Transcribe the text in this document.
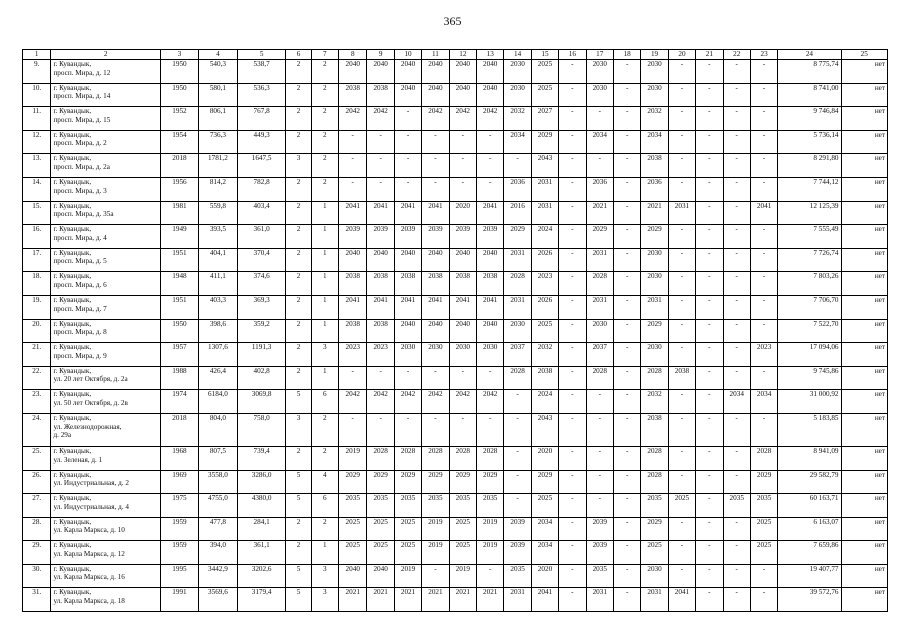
365
1	2	3	4	5	6	7	8	9	10	11	12	13	14	15	16	17	18	19	20	21	22	23	24	25
9.	г. Кувандык,
просп. Мира, д. 12	1950	540,3	538,7	2	2	2040	2040	2040	2040	2040	2040	2030	2025	-	2030	-	2030	-	-	-	-	8 775,74	нет
10.	г. Кувандык,
просп. Мира, д. 14	1950	580,1	536,3	2	2	2038	2038	2040	2040	2040	2040	2030	2025	-	2030	-	2030	-	-	-	-	8 741,00	нет
11.	г. Кувандык,
просп. Мира, д. 15	1952	806,1	767,8	2	2	2042	2042	-	2042	2042	2042	2032	2027	-	-	-	2032	-	-	-	-	9 746,84	нет
12.	г. Кувандык,
просп. Мира, д. 2	1954	736,3	449,3	2	2	-	-	-	-	-	-	2034	2029	-	2034	-	2034	-	-	-	-	5 736,14	нет
13.	г. Кувандык,
просп. Мира, д. 2а	2018	1781,2	1647,5	3	2	-	-	-	-	-	-	-	2043	-	-	-	2038	-	-	-	-	8 291,80	нет
14.	г. Кувандык,
просп. Мира, д. 3	1956	814,2	782,8	2	2	-	-	-	-	-	-	2036	2031	-	2036	-	2036	-	-	-	-	7 744,12	нет
15.	г. Кувандык,
просп. Мира, д. 35а	1981	559,8	403,4	2	1	2041	2041	2041	2041	2020	2041	2016	2031	-	2021	-	2021	2031	-	-	2041	12 125,39	нет
16.	г. Кувандык,
просп. Мира, д. 4	1949	393,5	361,0	2	1	2039	2039	2039	2039	2039	2039	2029	2024	-	2029	-	2029	-	-	-	-	7 555,49	нет
17.	г. Кувандык,
просп. Мира, д. 5	1951	404,1	370,4	2	1	2040	2040	2040	2040	2040	2040	2031	2026	-	2031	-	2030	-	-	-	-	7 726,74	нет
18.	г. Кувандык,
просп. Мира, д. 6	1948	411,1	374,6	2	1	2038	2038	2038	2038	2038	2038	2028	2023	-	2028	-	2030	-	-	-	-	7 803,26	нет
19.	г. Кувандык,
просп. Мира, д. 7	1951	403,3	369,3	2	1	2041	2041	2041	2041	2041	2041	2031	2026	-	2031	-	2031	-	-	-	-	7 706,70	нет
20.	г. Кувандык,
просп. Мира, д. 8	1950	398,6	359,2	2	1	2038	2038	2040	2040	2040	2040	2030	2025	-	2030	-	2029	-	-	-	-	7 522,70	нет
21.	г. Кувандык,
просп. Мира, д. 9	1957	1307,6	1191,3	2	3	2023	2023	2030	2030	2030	2030	2037	2032	-	2037	-	2030	-	-	-	2023	17 094,06	нет
22.	г. Кувандык,
ул. 20 лет Октября, д. 2а	1988	426,4	402,8	2	1	-	-	-	-	-	-	2028	2038	-	2028	-	2028	2038	-	-	-	9 745,86	нет
23.	г. Кувандык,
ул. 50 лет Октября, д. 2в	1974	6184,0	3069,8	5	6	2042	2042	2042	2042	2042	2042	-	2024	-	-	-	2032	-	-	2034	2034	31 000,92	нет
24.	г. Кувандык,
ул. Железнодорожная,
д. 29а	2018	804,0	758,0	3	2	-	-	-	-	-	-	-	2043	-	-	-	2038	-	-	-	-	5 183,85	нет
25.	г. Кувандык,
ул. Зеленая, д. 1	1968	807,5	739,4	2	2	2019	2028	2028	2028	2028	2028	-	2020	-	-	-	2028	-	-	-	2028	8 941,09	нет
26.	г. Кувандык,
ул. Индустриальная, д. 2	1969	3558,0	3286,0	5	4	2029	2029	2029	2029	2029	2029	-	2029	-	-	-	2028	-	-	-	2029	29 582,79	нет
27.	г. Кувандык,
ул. Индустриальная, д. 4	1975	4755,0	4380,0	5	6	2035	2035	2035	2035	2035	2035	-	2025	-	-	-	2035	2025	-	2035	2035	60 163,71	нет
28.	г. Кувандык,
ул. Карла Маркса, д. 10	1959	477,8	284,1	2	2	2025	2025	2025	2019	2025	2019	2039	2034	-	2039	-	2029	-	-	-	2025	6 163,07	нет
29.	г. Кувандык,
ул. Карла Маркса, д. 12	1959	394,0	361,1	2	1	2025	2025	2025	2019	2025	2019	2039	2034	-	2039	-	2025	-	-	-	2025	7 659,86	нет
30.	г. Кувандык,
ул. Карла Маркса, д. 16	1995	3442,9	3202,6	5	3	2040	2040	2019	-	2019	-	2035	2020	-	2035	-	2030	-	-	-	-	19 407,77	нет
31.	г. Кувандык,
ул. Карла Маркса, д. 18	1991	3569,6	3179,4	5	3	2021	2021	2021	2021	2021	2021	2031	2041	-	2031	-	2031	2041	-	-	-	39 572,76	нет
